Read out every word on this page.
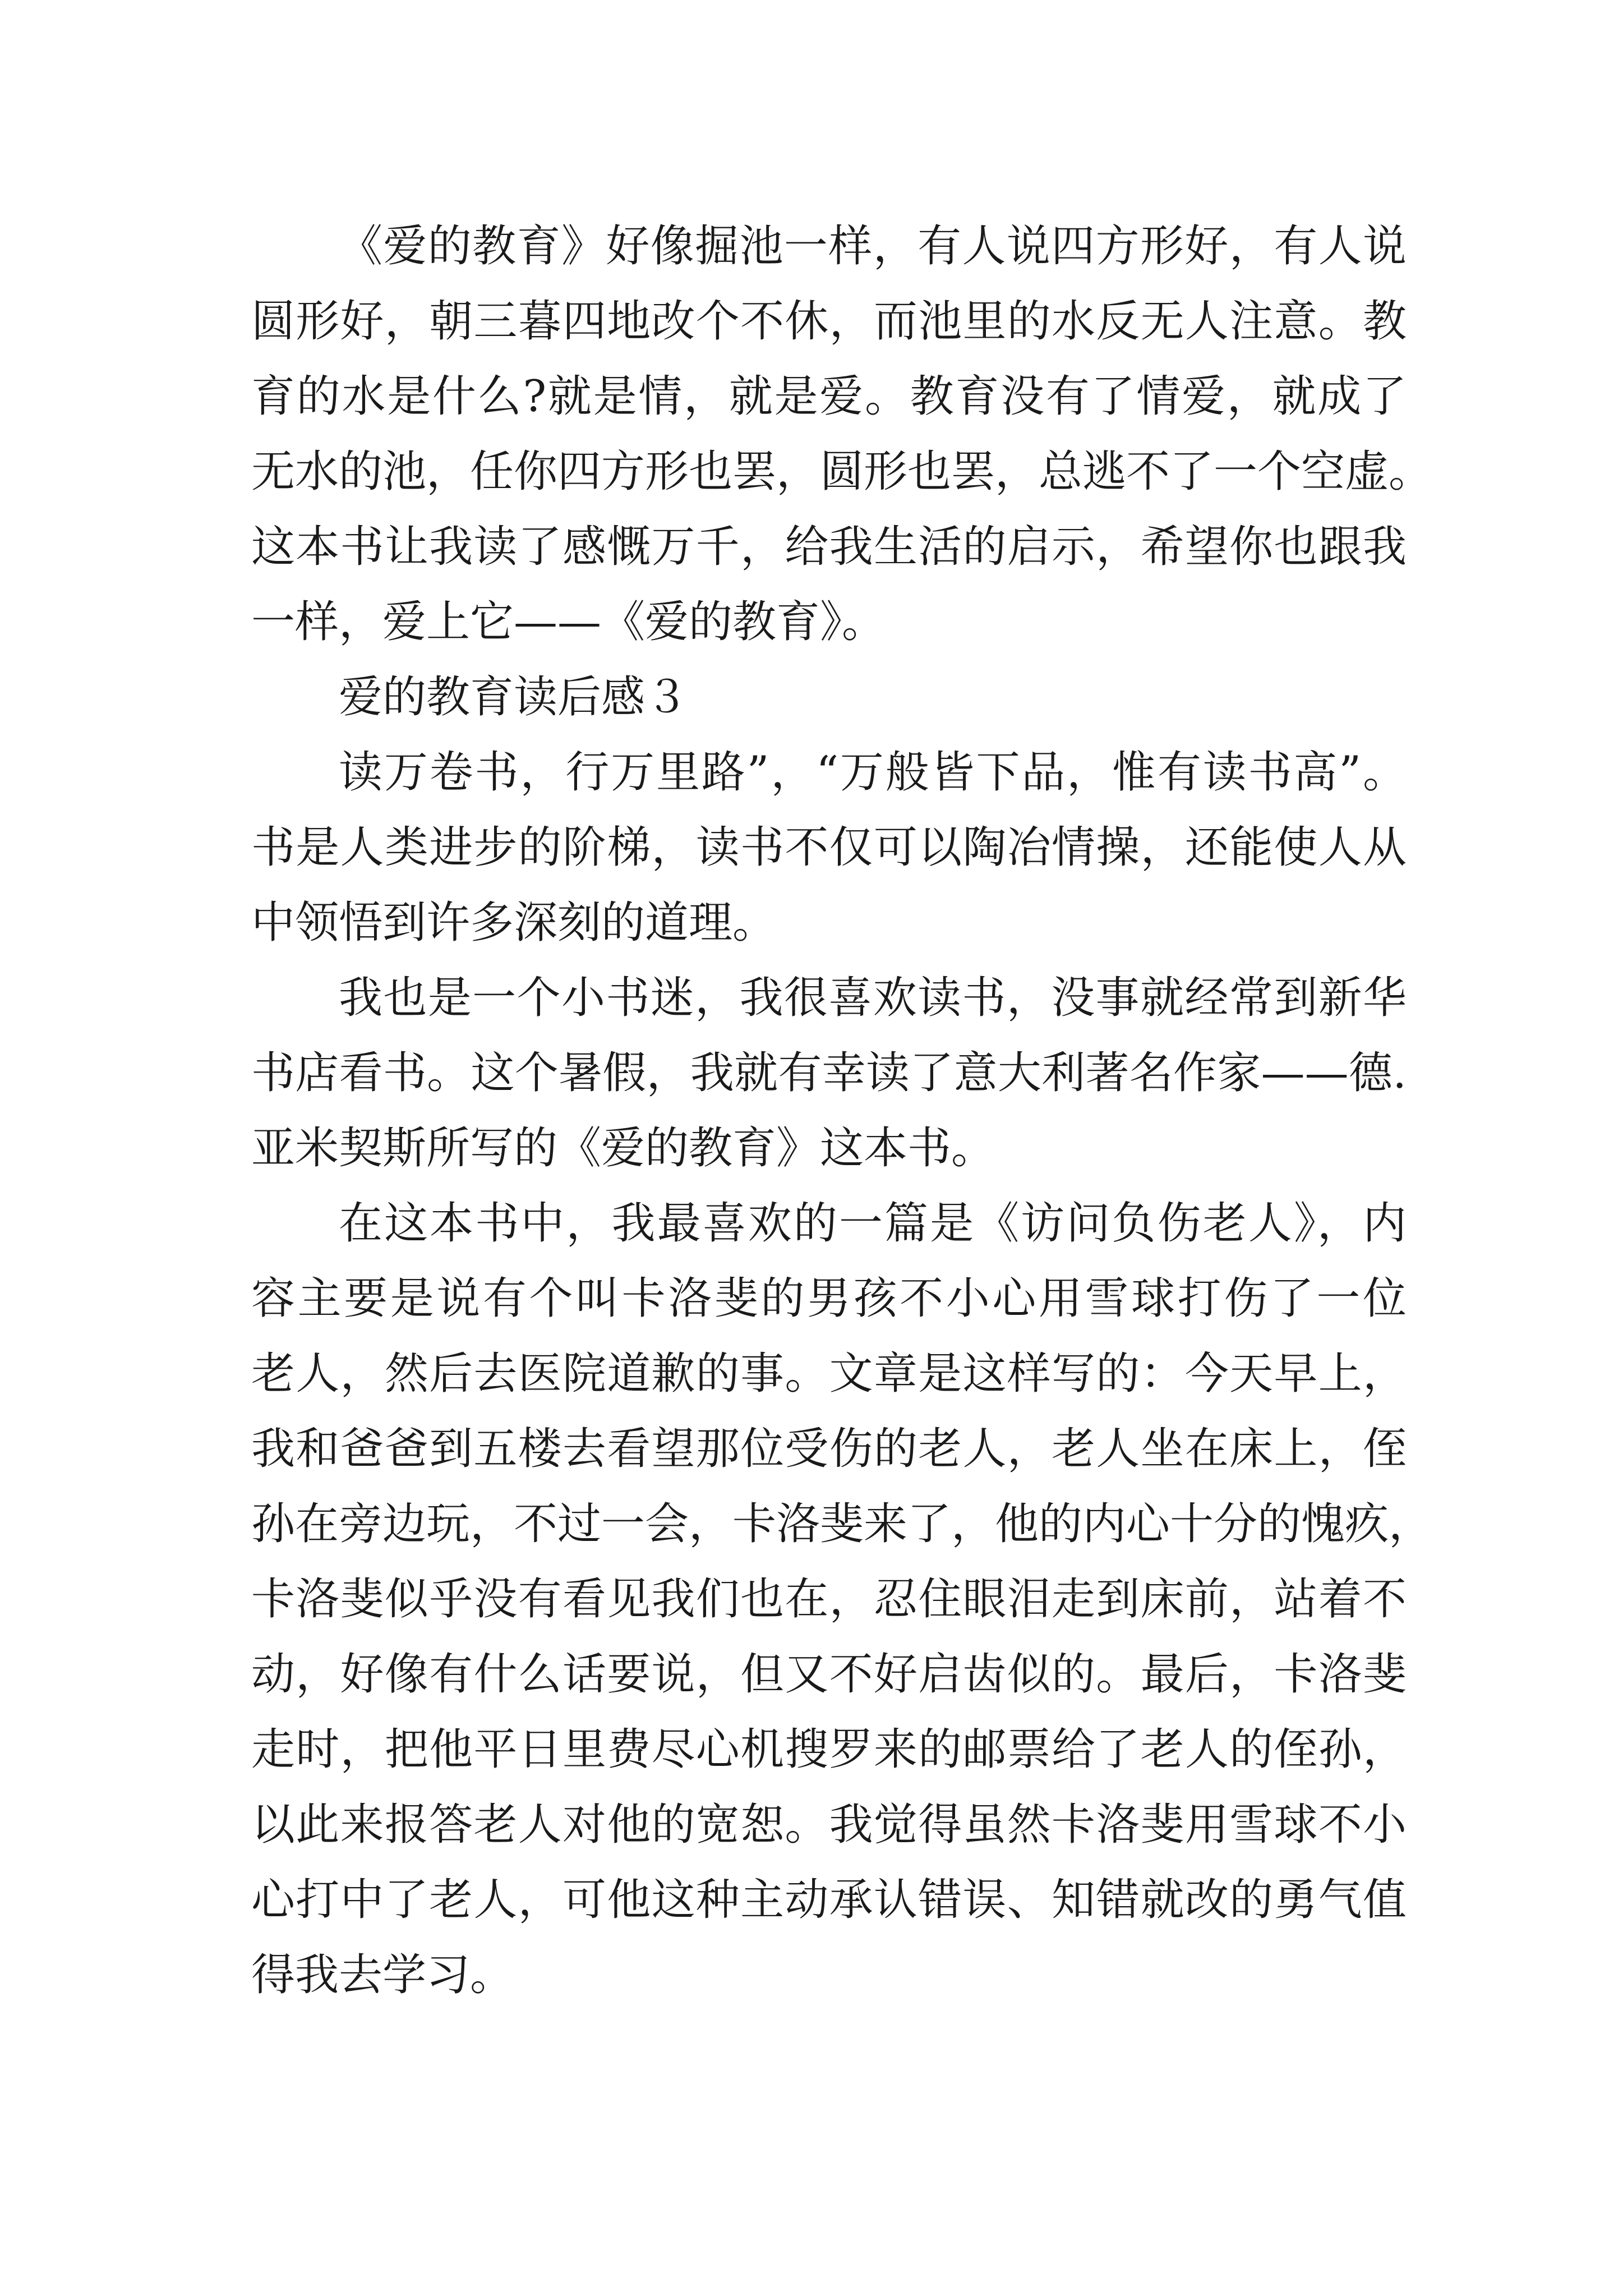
《爱的教育》好像掘池一样，有人说四方形好，有人说
圆形好，朝三暮四地改个不休，而池里的水反无人注意。教
育的水是什么?就是情，就是爱。教育没有了情爱，就成了
无水的池，任你四方形也罢，圆形也罢，总逃不了一个空虚。
这本书让我读了感慨万千，给我生活的启示，希望你也跟我
一样，爱上它——《爱的教育》。
爱的教育读后感３
读万卷书，行万里路”，“万般皆下品，惟有读书高”。
书是人类进步的阶梯，读书不仅可以陶冶情操，还能使人从
中领悟到许多深刻的道理。
我也是一个小书迷，我很喜欢读书，没事就经常到新华
书店看书。这个暑假，我就有幸读了意大利著名作家——德.
亚米契斯所写的《爱的教育》这本书。
在这本书中，我最喜欢的一篇是《访问负伤老人》，内
容主要是说有个叫卡洛斐的男孩不小心用雪球打伤了一位
老人，然后去医院道歉的事。文章是这样写的：今天早上，
我和爸爸到五楼去看望那位受伤的老人，老人坐在床上，侄
孙在旁边玩，不过一会，卡洛斐来了，他的内心十分的愧疚，
卡洛斐似乎没有看见我们也在，忍住眼泪走到床前，站着不
动，好像有什么话要说，但又不好启齿似的。最后，卡洛斐
走时，把他平日里费尽心机搜罗来的邮票给了老人的侄孙，
以此来报答老人对他的宽恕。我觉得虽然卡洛斐用雪球不小
心打中了老人，可他这种主动承认错误、知错就改的勇气值
得我去学习。
